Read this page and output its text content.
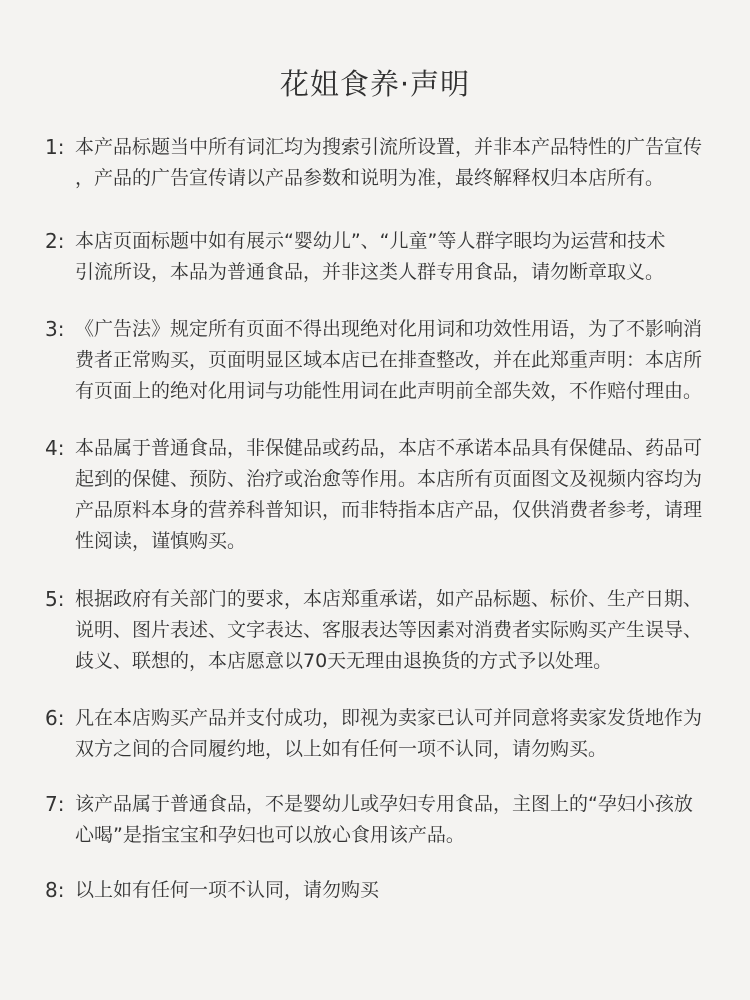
花姐食养·声明
1: 本产品标题当中所有词汇均为搜索引流所设置，并非本产品特性的广告宣传
，产品的广告宣传请以产品参数和说明为准，最终解释权归本店所有。
2: 本店页面标题中如有展示“婴幼儿”、“儿童”等人群字眼均为运营和技术
引流所设，本品为普通食品，并非这类人群专用食品，请勿断章取义。
3: 《广告法》规定所有页面不得出现绝对化用词和功效性用语，为了不影响消
费者正常购买，页面明显区域本店已在排查整改，并在此郑重声明：本店所
有页面上的绝对化用词与功能性用词在此声明前全部失效，不作赔付理由。
4: 本品属于普通食品，非保健品或药品，本店不承诺本品具有保健品、药品可
起到的保健、预防、治疗或治愈等作用。本店所有页面图文及视频内容均为
产品原料本身的营养科普知识，而非特指本店产品，仅供消费者参考，请理
性阅读，谨慎购买。
5: 根据政府有关部门的要求，本店郑重承诺，如产品标题、标价、生产日期、
说明、图片表述、文字表达、客服表达等因素对消费者实际购买产生误导、
歧义、联想的，本店愿意以70天无理由退换货的方式予以处理。
6: 凡在本店购买产品并支付成功，即视为卖家已认可并同意将卖家发货地作为
双方之间的合同履约地，以上如有任何一项不认同，请勿购买。
7: 该产品属于普通食品，不是婴幼儿或孕妇专用食品，主图上的“孕妇小孩放
心喝”是指宝宝和孕妇也可以放心食用该产品。
8: 以上如有任何一项不认同，请勿购买
